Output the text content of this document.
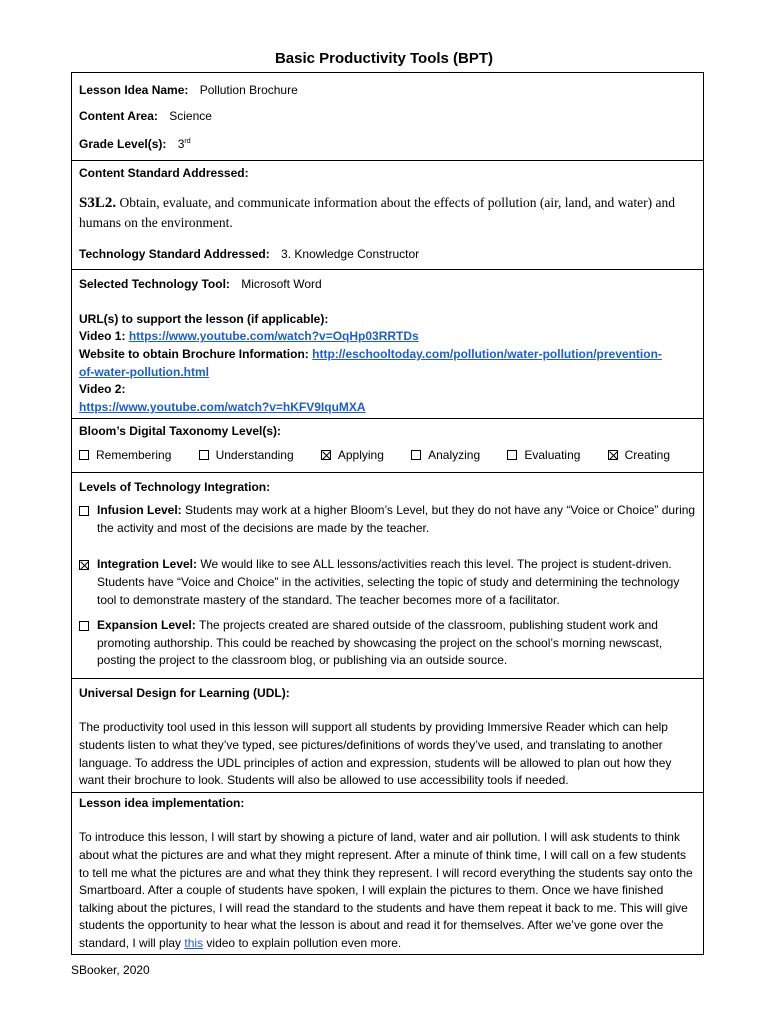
Basic Productivity Tools (BPT)
Lesson Idea Name: Pollution Brochure
Content Area: Science
Grade Level(s): 3rd
Content Standard Addressed:
S3L2. Obtain, evaluate, and communicate information about the effects of pollution (air, land, and water) and humans on the environment.
Technology Standard Addressed: 3. Knowledge Constructor
Selected Technology Tool: Microsoft Word
URL(s) to support the lesson (if applicable):
Video 1: https://www.youtube.com/watch?v=OqHp03RRTDs
Website to obtain Brochure Information: http://eschooltoday.com/pollution/water-pollution/prevention-
of-water-pollution.html
Video 2:
https://www.youtube.com/watch?v=hKFV9IquMXA
Bloom’s Digital Taxonomy Level(s):
Remembering	Understanding	Applying	Analyzing	Evaluating	Creating
Levels of Technology Integration:
Infusion Level: Students may work at a higher Bloom’s Level, but they do not have any “Voice or Choice” during the activity and most of the decisions are made by the teacher.
Integration Level: We would like to see ALL lessons/activities reach this level. The project is student-driven. Students have “Voice and Choice” in the activities, selecting the topic of study and determining the technology tool to demonstrate mastery of the standard. The teacher becomes more of a facilitator.
Expansion Level: The projects created are shared outside of the classroom, publishing student work and promoting authorship. This could be reached by showcasing the project on the school’s morning newscast, posting the project to the classroom blog, or publishing via an outside source.
Universal Design for Learning (UDL):
The productivity tool used in this lesson will support all students by providing Immersive Reader which can help students listen to what they’ve typed, see pictures/definitions of words they’ve used, and translating to another language. To address the UDL principles of action and expression, students will be allowed to plan out how they want their brochure to look. Students will also be allowed to use accessibility tools if needed.
Lesson idea implementation:
To introduce this lesson, I will start by showing a picture of land, water and air pollution. I will ask students to think about what the pictures are and what they might represent. After a minute of think time, I will call on a few students to tell me what the pictures are and what they think they represent. I will record everything the students say onto the Smartboard. After a couple of students have spoken, I will explain the pictures to them. Once we have finished talking about the pictures, I will read the standard to the students and have them repeat it back to me. This will give students the opportunity to hear what the lesson is about and read it for themselves. After we’ve gone over the standard, I will play this video to explain pollution even more.
SBooker, 2020
